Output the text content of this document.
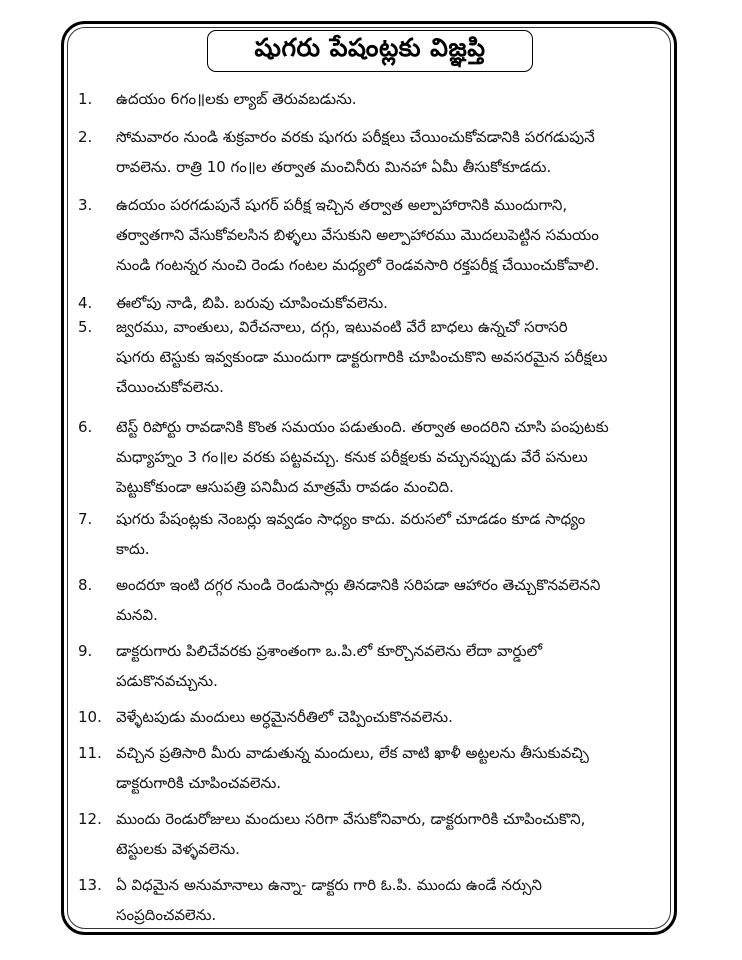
షుగరు పేషంట్లకు విజ్ఞప్తి
1.	ఉదయం 6గం॥లకు ల్యాబ్ తెరువబడును.
2.	సోమవారం నుండి శుక్రవారం వరకు షుగరు పరీక్షలు చేయించుకోవడానికి పరగడుపునే
రావలెను. రాత్రి 10 గం॥ల తర్వాత మంచినీరు మినహా ఏమీ తీసుకోకూడదు.
3.	ఉదయం పరగడుపునే షుగర్ పరీక్ష ఇచ్చిన తర్వాత అల్పాహారానికి ముందుగాని,
తర్వాతగాని వేసుకోవలసిన బిళ్ళలు వేసుకుని అల్పాహారము మొదలుపెట్టిన సమయం
నుండి గంటన్నర నుంచి రెండు గంటల మధ్యలో రెండవసారి రక్తపరీక్ష చేయించుకోవాలి.
4.	ఈలోపు నాడి, బిపి. బరువు చూపించుకోవలెను.
5.	జ్వరము, వాంతులు, విరేచనాలు, దగ్గు, ఇటువంటి వేరే బాధలు ఉన్నచో సరాసరి
షుగరు టెస్టుకు ఇవ్వకుండా ముందుగా డాక్టరుగారికి చూపించుకొని అవసరమైన పరీక్షలు
చేయించుకోవలెను.
6.	టెస్ట్ రిపోర్టు రావడానికి కొంత సమయం పడుతుంది. తర్వాత అందరిని చూసి పంపుటకు
మధ్యాహ్నం 3 గం॥ల వరకు పట్టవచ్చు. కనుక పరీక్షలకు వచ్చునప్పుడు వేరే పనులు
పెట్టుకోకుండా ఆసుపత్రి పనిమీద మాత్రమే రావడం మంచిది.
7.	షుగరు పేషంట్లకు నెంబర్లు ఇవ్వడం సాధ్యం కాదు. వరుసలో చూడడం కూడ సాధ్యం
కాదు.
8.	అందరూ ఇంటి దగ్గర నుండి రెండుసార్లు తినడానికి సరిపడా ఆహారం తెచ్చుకొనవలెనని
మనవి.
9.	డాక్టరుగారు పిలిచేవరకు ప్రశాంతంగా ఒ.పి.లో కూర్చొనవలెను లేదా వార్డులో
పడుకొనవచ్చును.
10. వెళ్ళేటపుడు మందులు అర్ధమైనరీతిలో చెప్పించుకొనవలెను.
11. వచ్చిన ప్రతిసారి మీరు వాడుతున్న మందులు, లేక వాటి ఖాళీ అట్టలను తీసుకువచ్చి
డాక్టరుగారికి చూపించవలెను.
12. ముందు రెండురోజులు మందులు సరిగా వేసుకోనివారు, డాక్టరుగారికి చూపించుకొని,
టెస్టులకు వెళ్ళవలెను.
13. ఏ విధమైన అనుమానాలు ఉన్నా- డాక్టరు గారి ఓ.పి. ముందు ఉండే నర్సుని
సంప్రదించవలెను.
